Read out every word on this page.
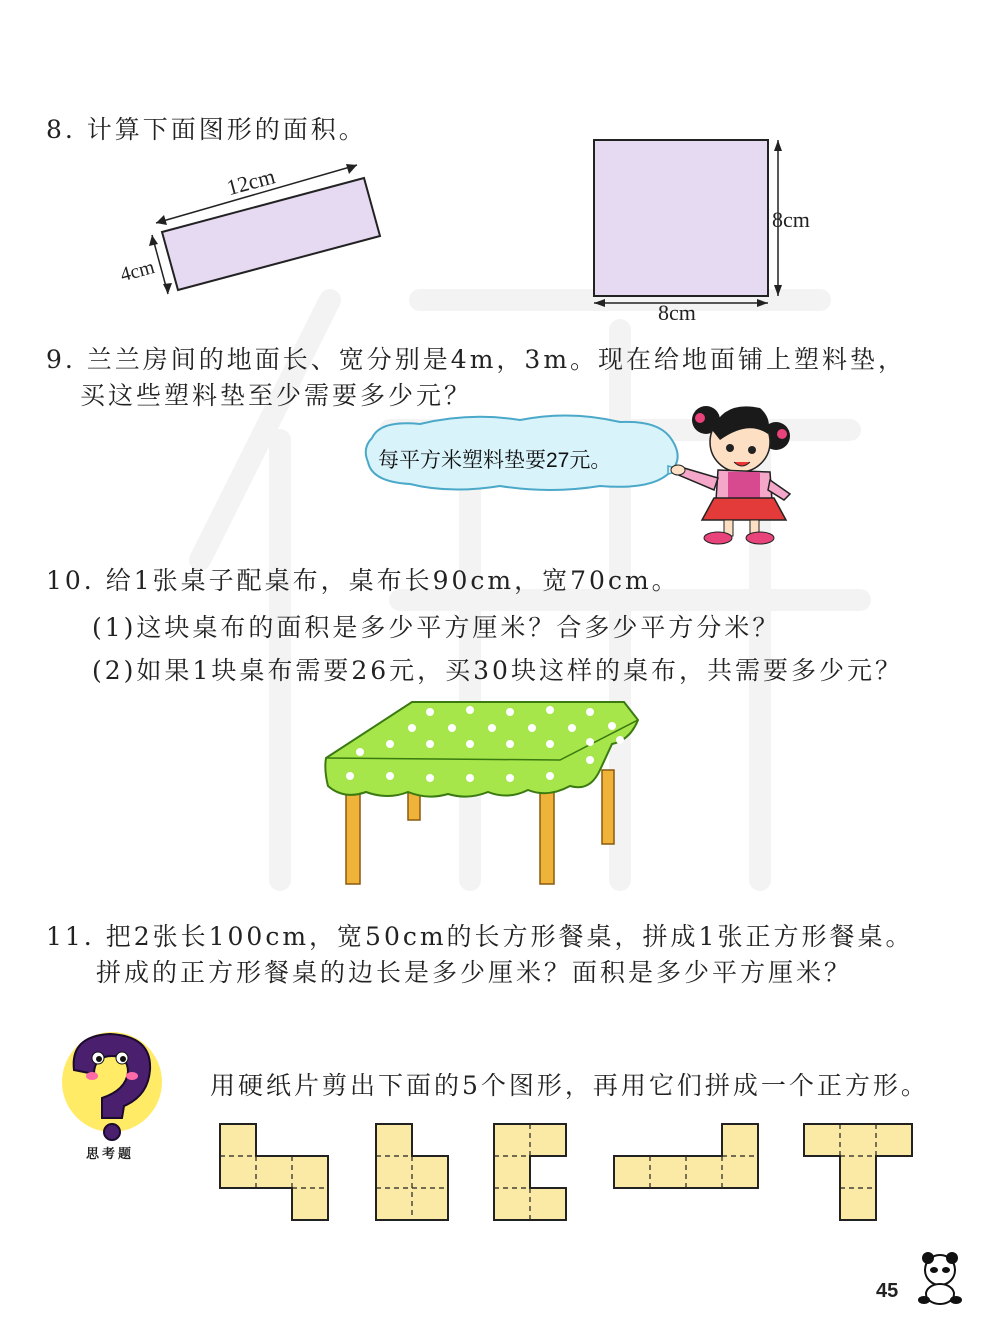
8. 计算下面图形的面积。
12cm
4cm
8cm
8cm
9. 兰兰房间的地面长、宽分别是4m，3m。现在给地面铺上塑料垫，
买这些塑料垫至少需要多少元？
每平方米塑料垫要27元。
10. 给1张桌子配桌布，桌布长90cm，宽70cm。
(1)这块桌布的面积是多少平方厘米？合多少平方分米？
(2)如果1块桌布需要26元，买30块这样的桌布，共需要多少元？
11. 把2张长100cm，宽50cm的长方形餐桌，拼成1张正方形餐桌。
拼成的正方形餐桌的边长是多少厘米？面积是多少平方厘米？
思考题
用硬纸片剪出下面的5个图形，再用它们拼成一个正方形。
45
